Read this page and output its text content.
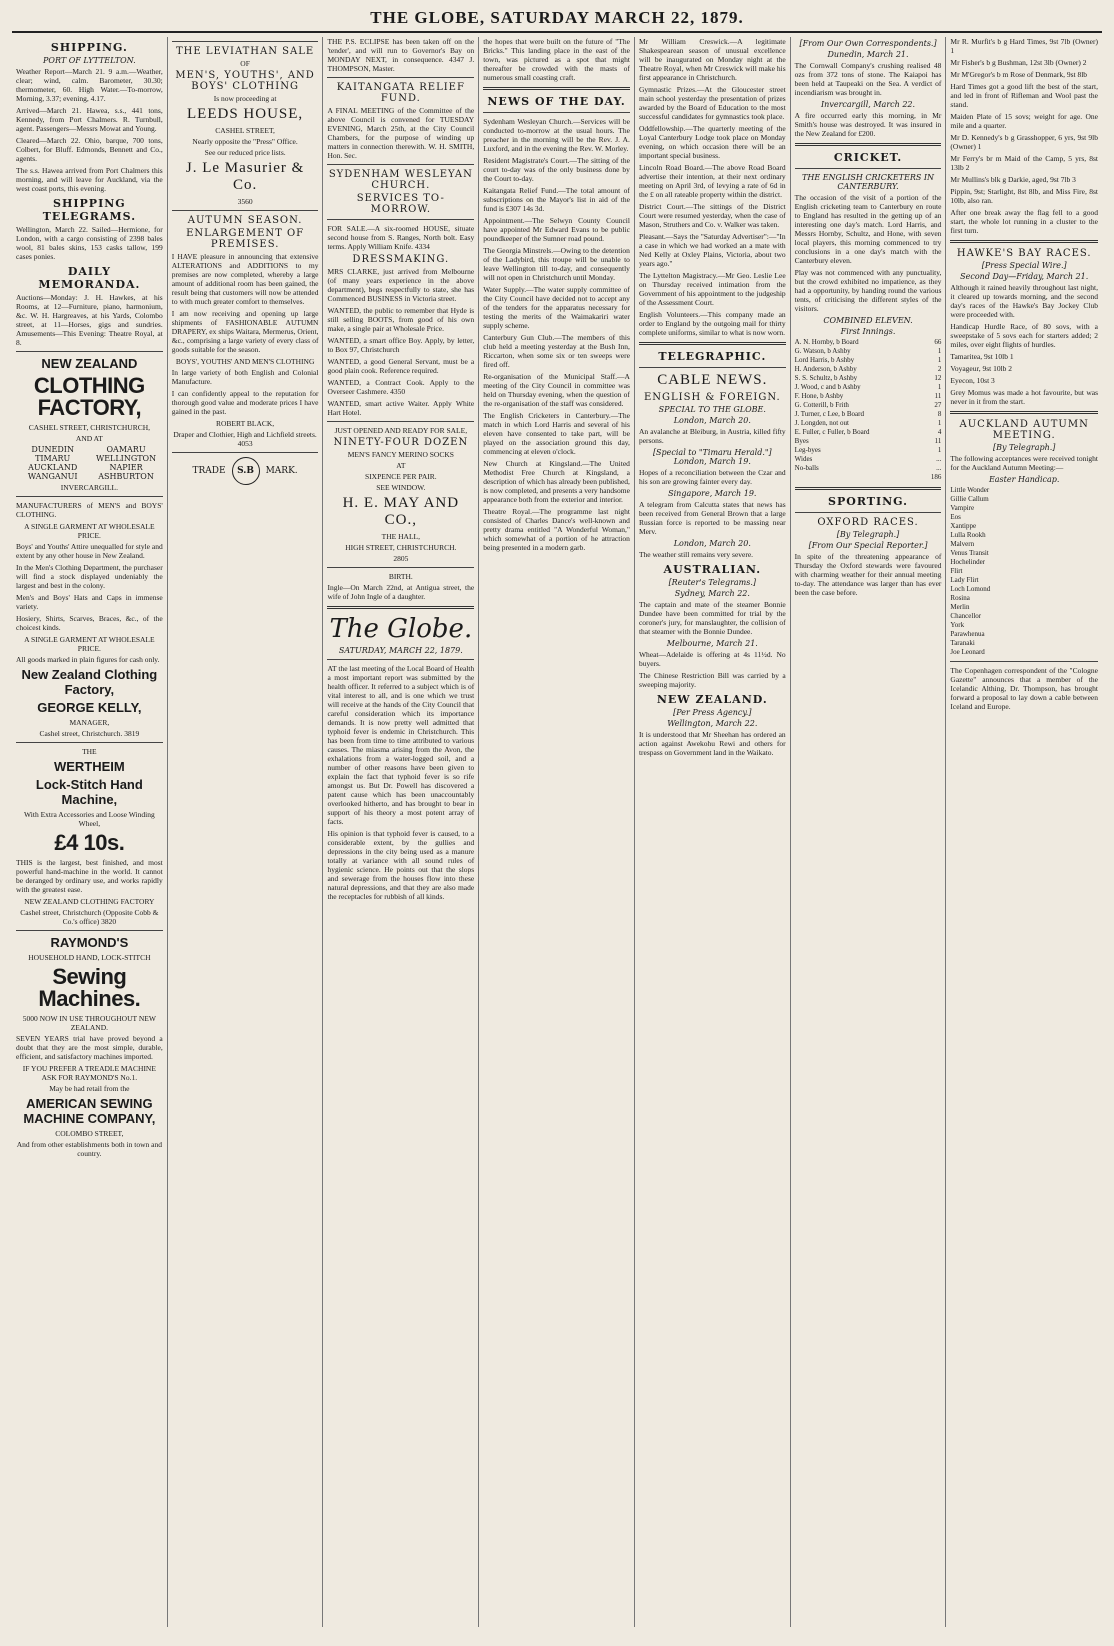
THE GLOBE, SATURDAY MARCH 22, 1879.
SHIPPING.
PORT OF LYTTELTON.

Weather Report—March 21. 9 a.m.—Weather, clear; wind, calm. Barometer, 30.30; thermometer, 60. High Water.—To-morrow, Morning, 3.37; evening, 4.17.

Arrived—March 21. Hawea, s.s., 441 tons, Kennedy, from Port Chalmers. R. Turnbull, agent. Passengers—Messrs Mowat and Young.

Cleared—March 22. Ohio, barque, 700 tons, Colbert, for Bluff. Edmonds, Bennett and Co., agents.

The s.s. Hawea arrived from Port Chalmers this morning, and will leave for Auckland, via the west coast ports, this evening.

SHIPPING TELEGRAMS.

Wellington, March 22. Sailed—Hermione, for London, with a cargo consisting of 2398 bales wool, 81 bales skins, 153 casks tallow, 199 cases ponies.

DAILY MEMORANDA.

Auctions—Monday: J. H. Hawkes, at his Rooms, at 12—Furniture, piano, harmonium, &c. W. H. Hargreaves, at his Yards, Colombo street, at 11—Horses, gigs and sundries. Amusements—This Evening: Theatre Royal, at 8.

NEW ZEALAND
CLOTHING FACTORY,
CASHEL STREET, CHRISTCHURCH,
AND AT
DUNEDIN	OAMARU
TIMARU	WELLINGTON
AUCKLAND	NAPIER
WANGANUI	ASHBURTON
INVERCARGILL.

MANUFACTURERS of MEN'S and BOYS' CLOTHING.

A SINGLE GARMENT AT WHOLESALE PRICE.

Boys' and Youths' Attire unequalled for style and extent by any other house in New Zealand.

In the Men's Clothing Department, the purchaser will find a stock displayed undeniably the largest and best in the colony.

Men's and Boys' Hats and Caps in immense variety.

Hosiery, Shirts, Scarves, Braces, &c., of the choicest kinds.

A SINGLE GARMENT AT WHOLESALE PRICE.

All goods marked in plain figures for cash only.

New Zealand Clothing Factory,
GEORGE KELLY,
MANAGER,
Cashel street, Christchurch. 3819
THE
WERTHEIM
Lock-Stitch Hand Machine,
With Extra Accessories and Loose Winding Wheel,
£4 10s.

THIS is the largest, best finished, and most powerful hand-machine in the world. It cannot be deranged by ordinary use, and works rapidly with the greatest ease.

NEW ZEALAND CLOTHING FACTORY
Cashel street, Christchurch (Opposite Cobb & Co.'s office) 3820
RAYMOND'S
HOUSEHOLD HAND, LOCK-STITCH
Sewing Machines.
5000 NOW IN USE THROUGHOUT NEW ZEALAND.

SEVEN YEARS trial have proved beyond a doubt that they are the most simple, durable, efficient, and satisfactory machines imported.

IF YOU PREFER A TREADLE MACHINE ASK FOR RAYMOND'S No.1.
May be had retail from the
AMERICAN SEWING MACHINE COMPANY,
COLOMBO STREET,
And from other establishments both in town and country.
THE LEVIATHAN SALE
OF
MEN'S, YOUTHS', AND BOYS' CLOTHING
Is now proceeding at
LEEDS HOUSE,
CASHEL STREET,
Nearly opposite the "Press" Office.
See our reduced price lists.
J. Le Masurier & Co.
3560
AUTUMN SEASON.
ENLARGEMENT OF PREMISES.

I HAVE pleasure in announcing that extensive ALTERATIONS and ADDITIONS to my premises are now completed, whereby a large amount of additional room has been gained, the result being that customers will now be attended to with much greater comfort to themselves.

I am now receiving and opening up large shipments of FASHIONABLE AUTUMN DRAPERY, ex ships Waitara, Mermerus, Orient, &c., comprising a large variety of every class of goods suitable for the season.

BOYS', YOUTHS' AND MEN'S CLOTHING

In large variety of both English and Colonial Manufacture.

I can confidently appeal to the reputation for thorough good value and moderate prices I have gained in the past.

ROBERT BLACK,
Draper and Clothier, High and Lichfield streets. 4053
TRADE	S.B	MARK.

THE P.S. ECLIPSE has been taken off on the 'tender', and will run to Governor's Bay on MONDAY NEXT, in consequence. 4347 J. THOMPSON, Master.

KAITANGATA RELIEF FUND.

A FINAL MEETING of the Committee of the above Council is convened for TUESDAY EVENING, March 25th, at the City Council Chambers, for the purpose of winding up matters in connection therewith. W. H. SMITH, Hon. Sec.

SYDENHAM WESLEYAN CHURCH.
SERVICES TO-MORROW.

FOR SALE.—A six-roomed HOUSE, situate second house from S. Ranges, North bolt. Easy terms. Apply William Knife. 4334

DRESSMAKING.

MRS CLARKE, just arrived from Melbourne (of many years experience in the above department), begs respectfully to state, she has Commenced BUSINESS in Victoria street.

WANTED, the public to remember that Hyde is still selling BOOTS, from good of his own make, a single pair at Wholesale Price.

WANTED, a smart office Boy. Apply, by letter, to Box 97, Christchurch

WANTED, a good General Servant, must be a good plain cook. Reference required.

WANTED, a Contract Cook. Apply to the Overseer Cashmere. 4350

WANTED, smart active Waiter. Apply White Hart Hotel.

JUST OPENED AND READY FOR SALE,
NINETY-FOUR DOZEN
MEN'S FANCY MERINO SOCKS
AT
SIXPENCE PER PAIR.
SEE WINDOW.
H. E. MAY AND CO.,
THE HALL,
HIGH STREET, CHRISTCHURCH.
2805
BIRTH.

Ingle—On March 22nd, at Antigua street, the wife of John Ingle of a daughter.

The Globe.
SATURDAY, MARCH 22, 1879.

AT the last meeting of the Local Board of Health a most important report was submitted by the health officer. It referred to a subject which is of vital interest to all, and is one which we trust will receive at the hands of the City Council that careful consideration which its importance demands. It is now pretty well admitted that typhoid fever is endemic in Christchurch. This has been from time to time attributed to various causes. The miasma arising from the Avon, the exhalations from a water-logged soil, and a number of other reasons have been given to explain the fact that typhoid fever is so rife amongst us. But Dr. Powell has discovered a patent cause which has been unaccountably overlooked hitherto, and has brought to bear in support of his theory a most potent array of facts.

His opinion is that typhoid fever is caused, to a considerable extent, by the gullies and depressions in the city being used as a manure totally at variance with all sound rules of hygienic science. He points out that the slops and sewerage from the houses flow into these natural depressions, and that they are also made the receptacles for rubbish of all kinds.

the hopes that were built on the future of "The Bricks." This landing place in the east of the town, was pictured as a spot that might thereafter be crowded with the masts of numerous small coasting craft.

NEWS OF THE DAY.

Sydenham Wesleyan Church.—Services will be conducted to-morrow at the usual hours. The preacher in the morning will be the Rev. J. A. Luxford, and in the evening the Rev. W. Morley.

Resident Magistrate's Court.—The sitting of the court to-day was of the only business done by the Court to-day.

Kaitangata Relief Fund.—The total amount of subscriptions on the Mayor's list in aid of the fund is £307 14s 3d.

Appointment.—The Selwyn County Council have appointed Mr Edward Evans to be public poundkeeper of the Sumner road pound.

The Georgia Minstrels.—Owing to the detention of the Ladybird, this troupe will be unable to leave Wellington till to-day, and consequently will not open in Christchurch until Monday.

Water Supply.—The water supply committee of the City Council have decided not to accept any of the tenders for the apparatus necessary for testing the merits of the Waimakariri water supply scheme.

Canterbury Gun Club.—The members of this club held a meeting yesterday at the Bush Inn, Riccarton, when some six or ten sweeps were fired off.

Re-organisation of the Municipal Staff.—A meeting of the City Council in committee was held on Thursday evening, when the question of the re-organisation of the staff was considered.

The English Cricketers in Canterbury.—The match in which Lord Harris and several of his eleven have consented to take part, will be played on the association ground this day, commencing at eleven o'clock.

New Church at Kingsland.—The United Methodist Free Church at Kingsland, a description of which has already been published, is now completed, and presents a very handsome appearance both from the exterior and interior.

Theatre Royal.—The programme last night consisted of Charles Dance's well-known and pretty drama entitled "A Wonderful Woman," which somewhat of a portion of he attraction being presented in a modern garb.

Mr William Creswick.—A legitimate Shakespearean season of unusual excellence will be inaugurated on Monday night at the Theatre Royal, when Mr Creswick will make his first appearance in Christchurch.

Gymnastic Prizes.—At the Gloucester street main school yesterday the presentation of prizes awarded by the Board of Education to the most successful candidates for gymnastics took place.

Oddfellowship.—The quarterly meeting of the Loyal Canterbury Lodge took place on Monday evening, on which occasion there will be an important special business.

Lincoln Road Board.—The above Road Board advertise their intention, at their next ordinary meeting on April 3rd, of levying a rate of 6d in the £ on all rateable property within the district.

District Court.—The sittings of the District Court were resumed yesterday, when the case of Mason, Struthers and Co. v. Walker was taken.

Pleasant.—Says the "Saturday Advertiser":—"In a case in which we had worked an a mate with Ned Kelly at Oxley Plains, Victoria, about two years ago."

The Lyttelton Magistracy.—Mr Geo. Leslie Lee on Thursday received intimation from the Government of his appointment to the judgeship of the Assessment Court.

English Volunteers.—This company made an order to England by the outgoing mail for thirty complete uniforms, similar to what is now worn.

TELEGRAPHIC.
CABLE NEWS.
ENGLISH & FOREIGN.
SPECIAL TO THE GLOBE.
London, March 20.

An avalanche at Bleiburg, in Austria, killed fifty persons.

[Special to "Timaru Herald."] London, March 19.

Hopes of a reconciliation between the Czar and his son are growing fainter every day.

Singapore, March 19.

A telegram from Calcutta states that news has been received from General Brown that a large Russian force is reported to be massing near Merv.

London, March 20.

The weather still remains very severe.

AUSTRALIAN.
[Reuter's Telegrams.]
Sydney, March 22.

The captain and mate of the steamer Bonnie Dundee have been committed for trial by the coroner's jury, for manslaughter, the collision of that steamer with the Bonnie Dundee.

Melbourne, March 21.

Wheat—Adelaide is offering at 4s 11½d. No buyers.

The Chinese Restriction Bill was carried by a sweeping majority.

NEW ZEALAND.
[Per Press Agency.]
Wellington, March 22.

It is understood that Mr Sheehan has ordered an action against Awekohu Rewi and others for trespass on Government land in the Waikato.

[From Our Own Correspondents.]
Dunedin, March 21.

The Cornwall Company's crushing realised 48 ozs from 372 tons of stone. The Kaiapoi has been held at Taupeaki on the Sea. A verdict of incendiarism was brought in.

Invercargill, March 22.

A fire occurred early this morning, in Mr Smith's house was destroyed. It was insured in the New Zealand for £200.

CRICKET.
THE ENGLISH CRICKETERS IN CANTERBURY.

The occasion of the visit of a portion of the English cricketing team to Canterbury en route to England has resulted in the getting up of an interesting one day's match. Lord Harris, and Messrs Hornby, Schultz, and Hone, with seven local players, this morning commenced to try conclusions in a one day's match with the Canterbury eleven.

Play was not commenced with any punctuality, but the crowd exhibited no impatience, as they had a opportunity, by handing round the various tents, of criticising the different styles of the visitors.

COMBINED ELEVEN.
First Innings.
A. N. Hornby, b Board	66
G. Watson, b Ashby	1
Lord Harris, b Ashby	1
H. Anderson, b Ashby	2
S. S. Schultz, b Ashby	12
J. Wood, c and b Ashby	1
F. Hone, b Ashby	11
G. Cotterill, b Frith	27
J. Turner, c Lee, b Board	8
J. Longden, not out	1
E. Fuller, c Fuller, b Board	4
Byes	11
Leg-byes	1
Wides	...
No-balls	...
186
SPORTING.
OXFORD RACES.
[By Telegraph.]
[From Our Special Reporter.]

In spite of the threatening appearance of Thursday the Oxford stewards were favoured with charming weather for their annual meeting to-day. The attendance was larger than has ever been the case before.

Mr R. Murfit's b g Hard Times, 9st 7lb (Owner) 1

Mr Fisher's b g Bushman, 12st 3lb (Owner) 2

Mr M'Gregor's b m Rose of Denmark, 9st 8lb

Hard Times got a good lift the best of the start, and led in front of Rifleman and Wool past the stand.

Maiden Plate of 15 sovs; weight for age. One mile and a quarter.

Mr D. Kennedy's b g Grasshopper, 6 yrs, 9st 9lb (Owner) 1

Mr Ferry's br m Maid of the Camp, 5 yrs, 8st 13lb 2

Mr Mullins's blk g Darkie, aged, 9st 7lb 3

Pippin, 9st; Starlight, 8st 8lb, and Miss Fire, 8st 10lb, also ran.

After one break away the flag fell to a good start, the whole lot running in a cluster to the first turn.

HAWKE'S BAY RACES.
[Press Special Wire.]
Second Day—Friday, March 21.

Although it rained heavily throughout last night, it cleared up towards morning, and the second day's races of the Hawke's Bay Jockey Club were proceeded with.

Handicap Hurdle Race, of 80 sovs, with a sweepstake of 5 sovs each for starters added; 2 miles, over eight flights of hurdles.

Tamaritea, 9st 10lb 1

Voyageur, 9st 10lb 2

Eyecon, 10st 3

Grey Momus was made a hot favourite, but was never in it from the start.

AUCKLAND AUTUMN MEETING.
[By Telegraph.]

The following acceptances were received tonight for the Auckland Autumn Meeting:—

Easter Handicap.
Little Wonder
Gillie Callum
Vampire
Eos
Xantippe
Lulla Rookh
Malvern
Venus Transit
Hochelinder
Flirt
Lady Flirt
Loch Lomond
Rosina
Merlin
Chancellor
York
Parawhenua
Taranaki
Joe Leonard

The Copenhagen correspondent of the "Cologne Gazette" announces that a member of the Icelandic Althing, Dr. Thompson, has brought forward a proposal to lay down a cable between Iceland and Europe.
